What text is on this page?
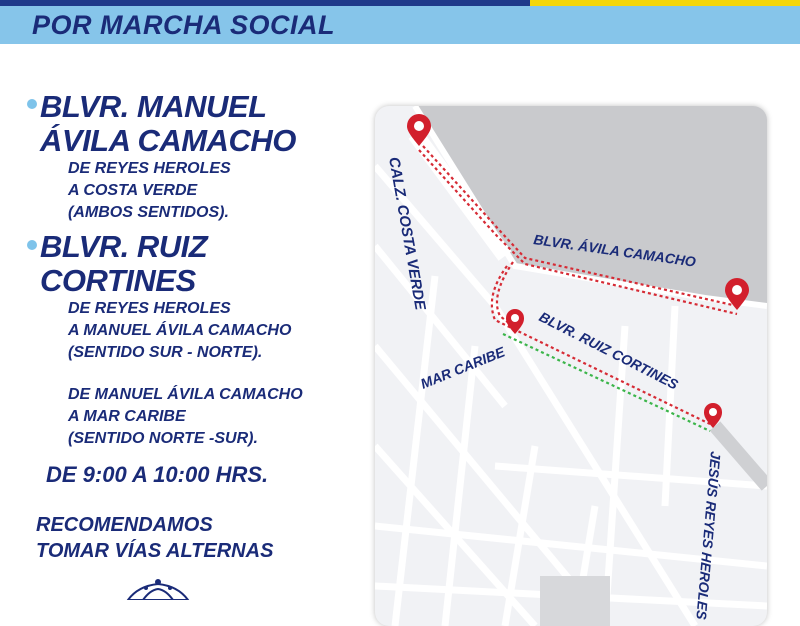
POR MARCHA SOCIAL
BLVR. MANUEL
ÁVILA CAMACHO
DE REYES HEROLES
A COSTA VERDE
(AMBOS SENTIDOS).
BLVR. RUIZ
CORTINES
DE REYES HEROLES
A MANUEL ÁVILA CAMACHO
(SENTIDO SUR - NORTE).
DE MANUEL ÁVILA CAMACHO
A MAR CARIBE
(SENTIDO NORTE -SUR).
DE 9:00 A 10:00 HRS.
RECOMENDAMOS
TOMAR VÍAS ALTERNAS
CALZ. COSTA VERDE	BLVR. ÁVILA CAMACHO
MAR CARIBE BLVR. RUIZ CORTINES
JESÚS REYES HEROLES
